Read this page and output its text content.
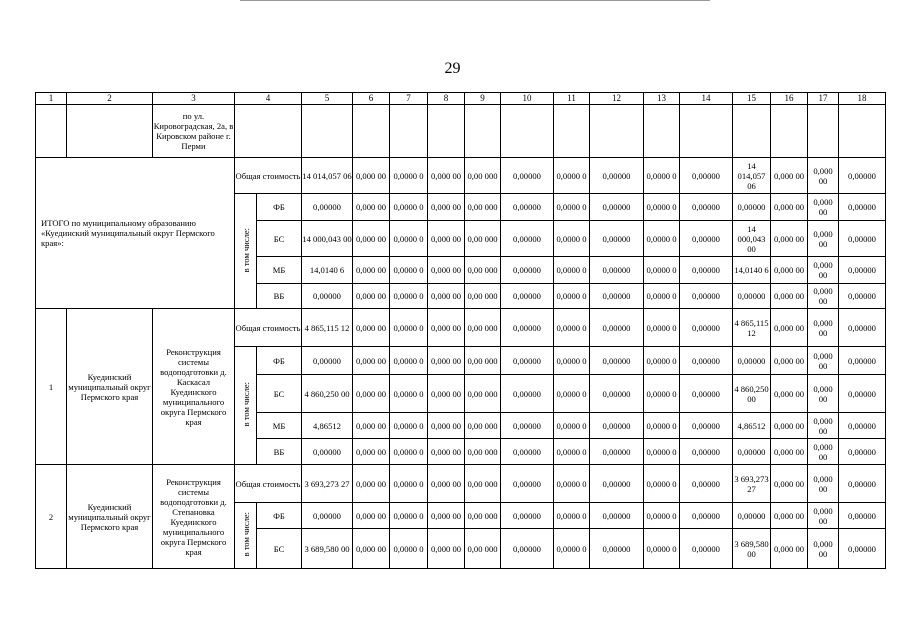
29
1	2	3	4		5	6	7	8	9	10	11	12	13	14	15	16	17	18
		по ул. Кировоградская, 2а, в Кировском районе г. Перми																
ИТОГО по муниципальному образованию «Куединский муниципальный округ Пермского края»:			Общая стоимость		14 014,057 06	0,000 00	0,0000 0	0,000 00	0,00 000	0,00000	0,0000 0	0,00000	0,0000 0	0,00000	14 014,057 06	0,000 00	0,000 00	0,00000
			в том числе:	ФБ	0,00000	0,000 00	0,0000 0	0,000 00	0,00 000	0,00000	0,0000 0	0,00000	0,0000 0	0,00000	0,00000	0,000 00	0,000 00	0,00000
				БС	14 000,043 00	0,000 00	0,0000 0	0,000 00	0,00 000	0,00000	0,0000 0	0,00000	0,0000 0	0,00000	14 000,043 00	0,000 00	0,000 00	0,00000
				МБ	14,0140 6	0,000 00	0,0000 0	0,000 00	0,00 000	0,00000	0,0000 0	0,00000	0,0000 0	0,00000	14,0140 6	0,000 00	0,000 00	0,00000
				ВБ	0,00000	0,000 00	0,0000 0	0,000 00	0,00 000	0,00000	0,0000 0	0,00000	0,0000 0	0,00000	0,00000	0,000 00	0,000 00	0,00000
1	Куединский муниципальный округ Пермского края	Реконструкция системы водоподготовки д. Каскасал Куединского муниципального округа Пермского края	Общая стоимость		4 865,115 12	0,000 00	0,0000 0	0,000 00	0,00 000	0,00000	0,0000 0	0,00000	0,0000 0	0,00000	4 865,115 12	0,000 00	0,000 00	0,00000
			в том числе:	ФБ	0,00000	0,000 00	0,0000 0	0,000 00	0,00 000	0,00000	0,0000 0	0,00000	0,0000 0	0,00000	0,00000	0,000 00	0,000 00	0,00000
				БС	4 860,250 00	0,000 00	0,0000 0	0,000 00	0,00 000	0,00000	0,0000 0	0,00000	0,0000 0	0,00000	4 860,250 00	0,000 00	0,000 00	0,00000
				МБ	4,86512	0,000 00	0,0000 0	0,000 00	0,00 000	0,00000	0,0000 0	0,00000	0,0000 0	0,00000	4,86512	0,000 00	0,000 00	0,00000
				ВБ	0,00000	0,000 00	0,0000 0	0,000 00	0,00 000	0,00000	0,0000 0	0,00000	0,0000 0	0,00000	0,00000	0,000 00	0,000 00	0,00000
2	Куединский муниципальный округ Пермского края	Реконструкция системы водоподготовки д. Степановка Куединского муниципального округа Пермского края	Общая стоимость		3 693,273 27	0,000 00	0,0000 0	0,000 00	0,00 000	0,00000	0,0000 0	0,00000	0,0000 0	0,00000	3 693,273 27	0,000 00	0,000 00	0,00000
			в том числе:	ФБ	0,00000	0,000 00	0,0000 0	0,000 00	0,00 000	0,00000	0,0000 0	0,00000	0,0000 0	0,00000	0,00000	0,000 00	0,000 00	0,00000
				БС	3 689,580 00	0,000 00	0,0000 0	0,000 00	0,00 000	0,00000	0,0000 0	0,00000	0,0000 0	0,00000	3 689,580 00	0,000 00	0,000 00	0,00000
